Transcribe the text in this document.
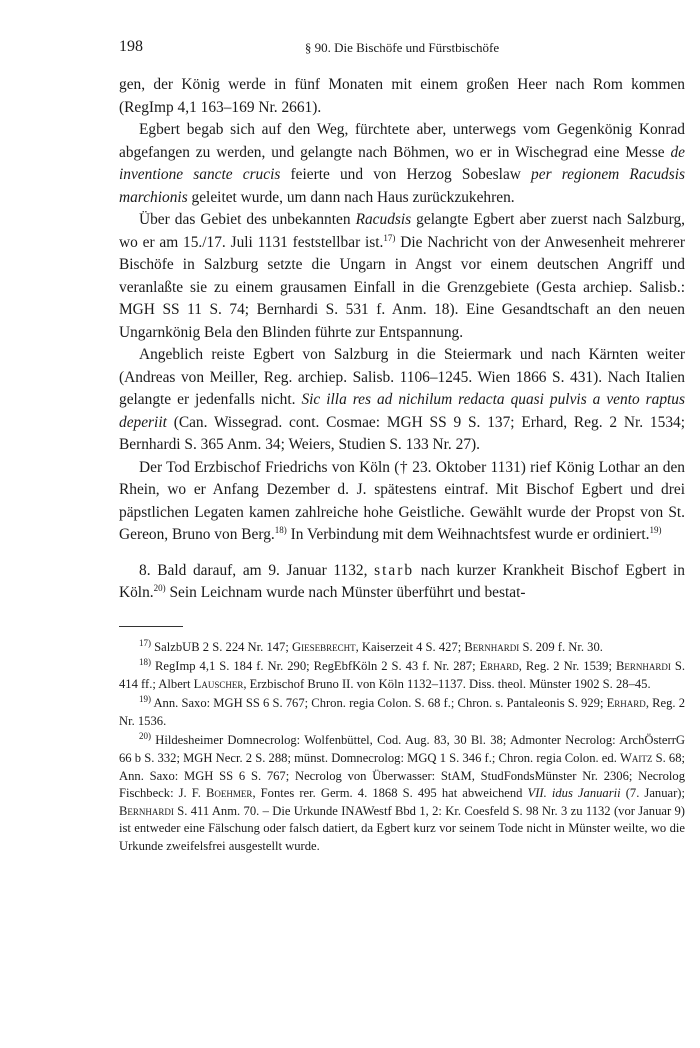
198	§ 90. Die Bischöfe und Fürstbischöfe

gen, der König werde in fünf Monaten mit einem großen Heer nach Rom kommen (RegImp 4,1 163–169 Nr. 2661).

Egbert begab sich auf den Weg, fürchtete aber, unterwegs vom Gegenkönig Konrad abgefangen zu werden, und gelangte nach Böhmen, wo er in Wischegrad eine Messe de inventione sancte crucis feierte und von Herzog Sobeslaw per regionem Racudsis marchionis geleitet wurde, um dann nach Haus zurückzukehren.

Über das Gebiet des unbekannten Racudsis gelangte Egbert aber zuerst nach Salzburg, wo er am 15./17. Juli 1131 feststellbar ist.$^{17)}$ Die Nachricht von der Anwesenheit mehrerer Bischöfe in Salzburg setzte die Ungarn in Angst vor einem deutschen Angriff und veranlaßte sie zu einem grausamen Einfall in die Grenzgebiete (Gesta archiep. Salisb.: MGH SS 11 S. 74; Bernhardi S. 531 f. Anm. 18). Eine Gesandtschaft an den neuen Ungarnkönig Bela den Blinden führte zur Entspannung.

Angeblich reiste Egbert von Salzburg in die Steiermark und nach Kärnten weiter (Andreas von Meiller, Reg. archiep. Salisb. 1106–1245. Wien 1866 S. 431). Nach Italien gelangte er jedenfalls nicht. Sic illa res ad nichilum redacta quasi pulvis a vento raptus deperiit (Can. Wissegrad. cont. Cosmae: MGH SS 9 S. 137; Erhard, Reg. 2 Nr. 1534; Bernhardi S. 365 Anm. 34; Weiers, Studien S. 133 Nr. 27).

Der Tod Erzbischof Friedrichs von Köln († 23. Oktober 1131) rief König Lothar an den Rhein, wo er Anfang Dezember d. J. spätestens eintraf. Mit Bischof Egbert und drei päpstlichen Legaten kamen zahlreiche hohe Geistliche. Gewählt wurde der Propst von St. Gereon, Bruno von Berg.$^{18)}$ In Verbindung mit dem Weihnachtsfest wurde er ordiniert.$^{19)}$

8. Bald darauf, am 9. Januar 1132, starb nach kurzer Krankheit Bischof Egbert in Köln.$^{20)}$ Sein Leichnam wurde nach Münster überführt und bestat-

$^{17)}$ SalzbUB 2 S. 224 Nr. 147; Giesebrecht, Kaiserzeit 4 S. 427; Bernhardi S. 209 f. Nr. 30.

$^{18)}$ RegImp 4,1 S. 184 f. Nr. 290; RegEbfKöln 2 S. 43 f. Nr. 287; Erhard, Reg. 2 Nr. 1539; Bernhardi S. 414 ff.; Albert Lauscher, Erzbischof Bruno II. von Köln 1132–1137. Diss. theol. Münster 1902 S. 28–45.

$^{19)}$ Ann. Saxo: MGH SS 6 S. 767; Chron. regia Colon. S. 68 f.; Chron. s. Pantaleonis S. 929; Erhard, Reg. 2 Nr. 1536.

$^{20)}$ Hildesheimer Domnecrolog: Wolfenbüttel, Cod. Aug. 83, 30 Bl. 38; Admonter Necrolog: ArchÖsterrG 66 b S. 332; MGH Necr. 2 S. 288; münst. Domnecrolog: MGQ 1 S. 346 f.; Chron. regia Colon. ed. Waitz S. 68; Ann. Saxo: MGH SS 6 S. 767; Necrolog von Überwasser: StAM, StudFondsMünster Nr. 2306; Necrolog Fischbeck: J. F. Boehmer, Fontes rer. Germ. 4. 1868 S. 495 hat abweichend VII. idus Januarii (7. Januar); Bernhardi S. 411 Anm. 70. – Die Urkunde INAWestf Bbd 1, 2: Kr. Coesfeld S. 98 Nr. 3 zu 1132 (vor Januar 9) ist entweder eine Fälschung oder falsch datiert, da Egbert kurz vor seinem Tode nicht in Münster weilte, wo die Urkunde zweifelsfrei ausgestellt wurde.
